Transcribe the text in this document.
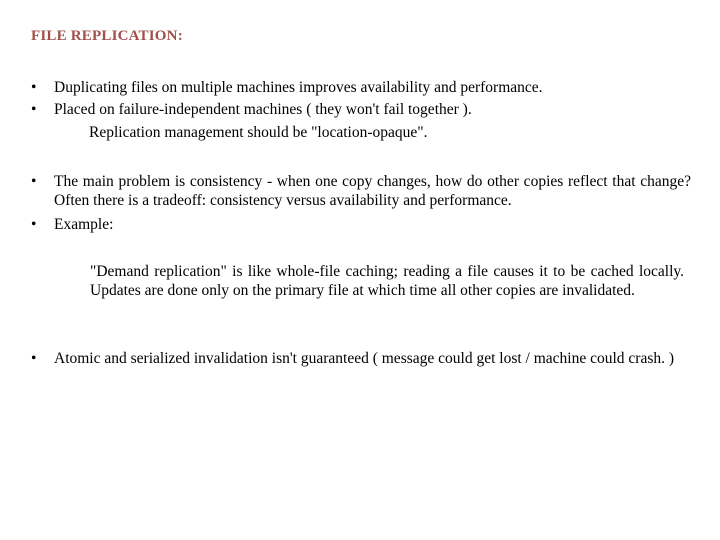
FILE REPLICATION:
•	Duplicating files on multiple machines improves availability and performance.
•	Placed on failure-independent machines ( they won't fail together ).
Replication management should be "location-opaque".
•	The main problem is consistency - when one copy changes, how do other copies reflect that change? Often there is a tradeoff: consistency versus availability and performance.
•	Example:
"Demand replication" is like whole-file caching; reading a file causes it to be cached locally. Updates are done only on the primary file at which time all other copies are invalidated.
•	Atomic and serialized invalidation isn't guaranteed ( message could get lost / machine could crash. )
